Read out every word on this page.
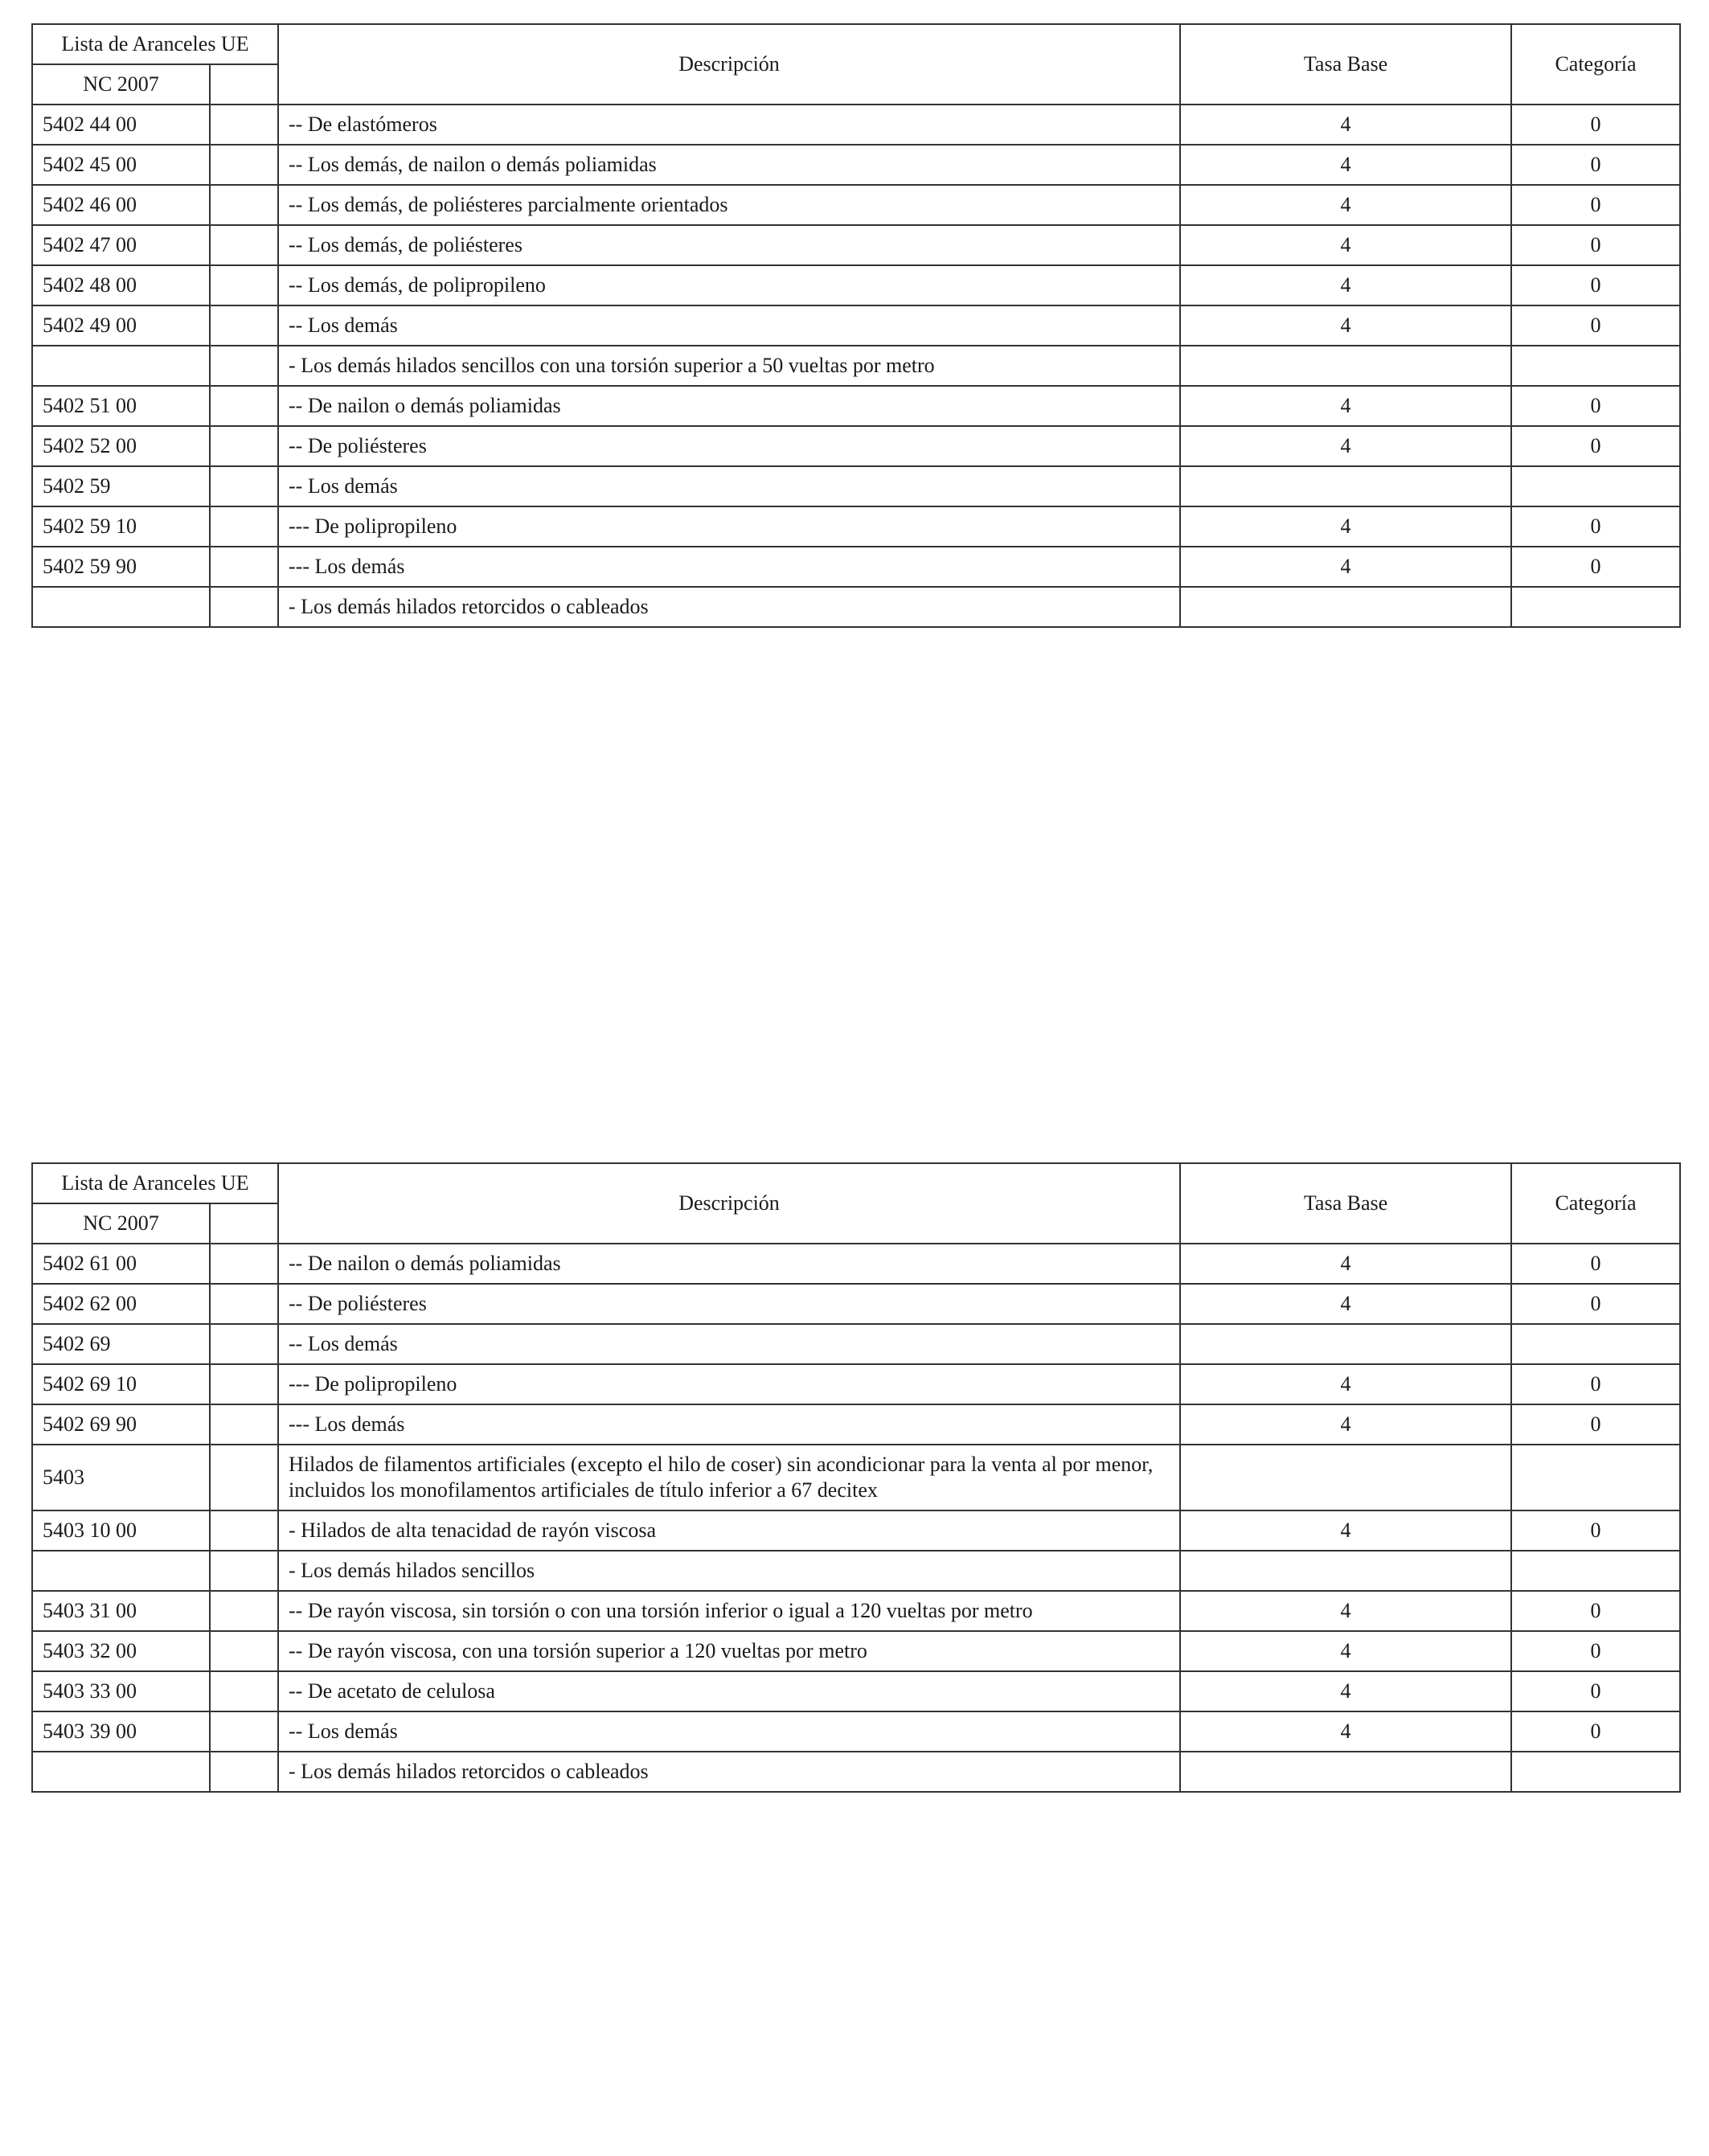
Lista de Aranceles UE		Descripción	Tasa Base	Categoría
NC 2007				
5402 44 00		-- De elastómeros	4	0
5402 45 00		-- Los demás, de nailon o demás poliamidas	4	0
5402 46 00		-- Los demás, de poliésteres parcialmente orientados	4	0
5402 47 00		-- Los demás, de poliésteres	4	0
5402 48 00		-- Los demás, de polipropileno	4	0
5402 49 00		-- Los demás	4	0
		- Los demás hilados sencillos con una torsión superior a 50 vueltas por metro		
5402 51 00		-- De nailon o demás poliamidas	4	0
5402 52 00		-- De poliésteres	4	0
5402 59		-- Los demás		
5402 59 10		--- De polipropileno	4	0
5402 59 90		--- Los demás	4	0
		- Los demás hilados retorcidos o cableados		
Lista de Aranceles UE		Descripción	Tasa Base	Categoría
NC 2007				
5402 61 00		-- De nailon o demás poliamidas	4	0
5402 62 00		-- De poliésteres	4	0
5402 69		-- Los demás		
5402 69 10		--- De polipropileno	4	0
5402 69 90		--- Los demás	4	0
5403		Hilados de filamentos artificiales (excepto el hilo de coser) sin acondicionar para la venta al por menor, incluidos los monofilamentos artificiales de título inferior a 67 decitex		
5403 10 00		- Hilados de alta tenacidad de rayón viscosa	4	0
		- Los demás hilados sencillos		
5403 31 00		-- De rayón viscosa, sin torsión o con una torsión inferior o igual a 120 vueltas por metro	4	0
5403 32 00		-- De rayón viscosa, con una torsión superior a 120 vueltas por metro	4	0
5403 33 00		-- De acetato de celulosa	4	0
5403 39 00		-- Los demás	4	0
		- Los demás hilados retorcidos o cableados		
